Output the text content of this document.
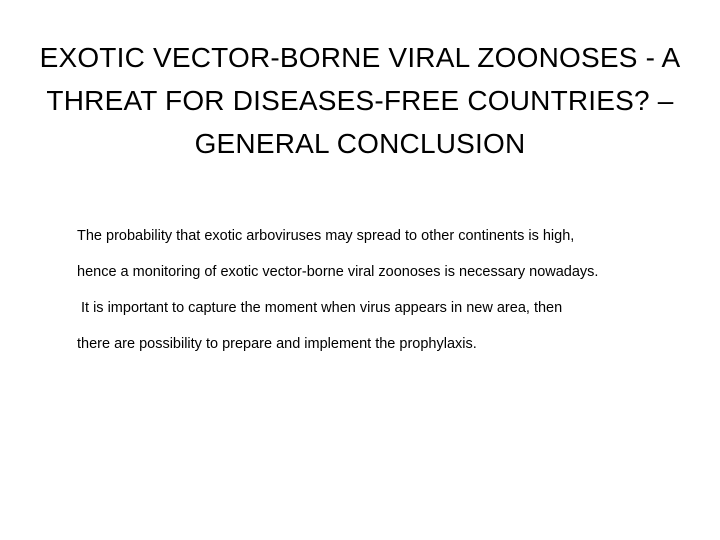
EXOTIC VECTOR-BORNE VIRAL ZOONOSES - A
THREAT FOR DISEASES-FREE COUNTRIES? –
GENERAL CONCLUSION

The probability that exotic arboviruses may spread to other continents is high,

hence a monitoring of exotic vector-borne viral zoonoses is necessary nowadays.

It is important to capture the moment when virus appears in new area, then

there are possibility to prepare and implement the prophylaxis.
